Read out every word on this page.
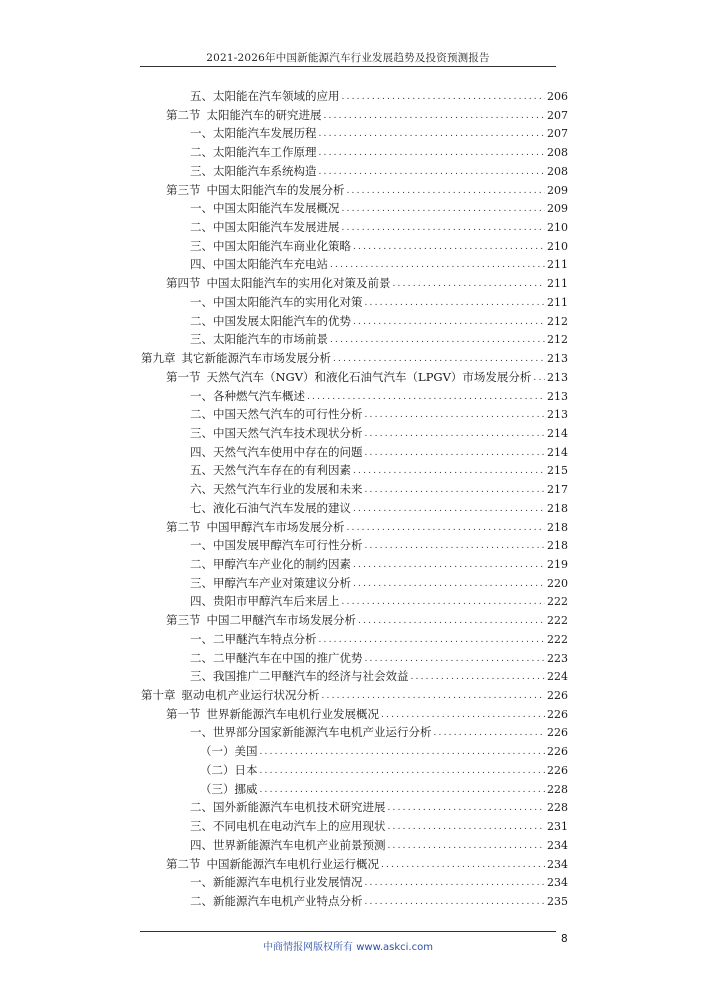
2021-2026年中国新能源汽车行业发展趋势及投资预测报告
五、 太阳能在汽车领域的应用 .....	206
第二节 太阳能汽车的研究进展 .....	207
一、 太阳能汽车发展历程 .....	207
二、 太阳能汽车工作原理 .....	208
三、 太阳能汽车系统构造 .....	208
第三节 中国太阳能汽车的发展分析 .....	209
一、 中国太阳能汽车发展概况 .....	209
二、 中国太阳能汽车发展进展 .....	210
三、 中国太阳能汽车商业化策略 .....	210
四、 中国太阳能汽车充电站 .....	211
第四节 中国太阳能汽车的实用化对策及前景 .....	211
一、 中国太阳能汽车的实用化对策 .....	211
二、 中国发展太阳能汽车的优势 .....	212
三、 太阳能汽车的市场前景 .....	212
第九章 其它新能源汽车市场发展分析 .....	213
第一节 天然气汽车（NGV）和液化石油气汽车（LPGV）市场发展分析 ..... 213
一、 各种燃气汽车概述 .....	213
二、 中国天然气汽车的可行性分析 .....	213
三、 中国天然气汽车技术现状分析 .....	214
四、 天然气汽车使用中存在的问题 .....	214
五、 天然气汽车存在的有利因素 .....	215
六、 天然气汽车行业的发展和未来 .....	217
七、 液化石油气汽车发展的建议 .....	218
第二节 中国甲醇汽车市场发展分析 .....	218
一、 中国发展甲醇汽车可行性分析 .....	218
二、 甲醇汽车产业化的制约因素 .....	219
三、 甲醇汽车产业对策建议分析 .....	220
四、 贵阳市甲醇汽车后来居上 .....	222
第三节 中国二甲醚汽车市场发展分析 .....	222
一、 二甲醚汽车特点分析 .....	222
二、 二甲醚汽车在中国的推广优势 .....	223
三、 我国推广二甲醚汽车的经济与社会效益 .....	224
第十章 驱动电机产业运行状况分析 .....	226
第一节 世界新能源汽车电机行业发展概况 .....	226
一、 世界部分国家新能源汽车电机产业运行分析 .....	226
（一） 美国 .....	226
（二） 日本 .....	226
（三） 挪威 .....	228
二、 国外新能源汽车电机技术研究进展 .....	228
三、 不同电机在电动汽车上的应用现状 .....	231
四、 世界新能源汽车电机产业前景预测 .....	234
第二节 中国新能源汽车电机行业运行概况 .....	234
一、 新能源汽车电机行业发展情况 .....	234
二、 新能源汽车电机产业特点分析 .....	235
中商情报网版权所有 www.askci.com
8
